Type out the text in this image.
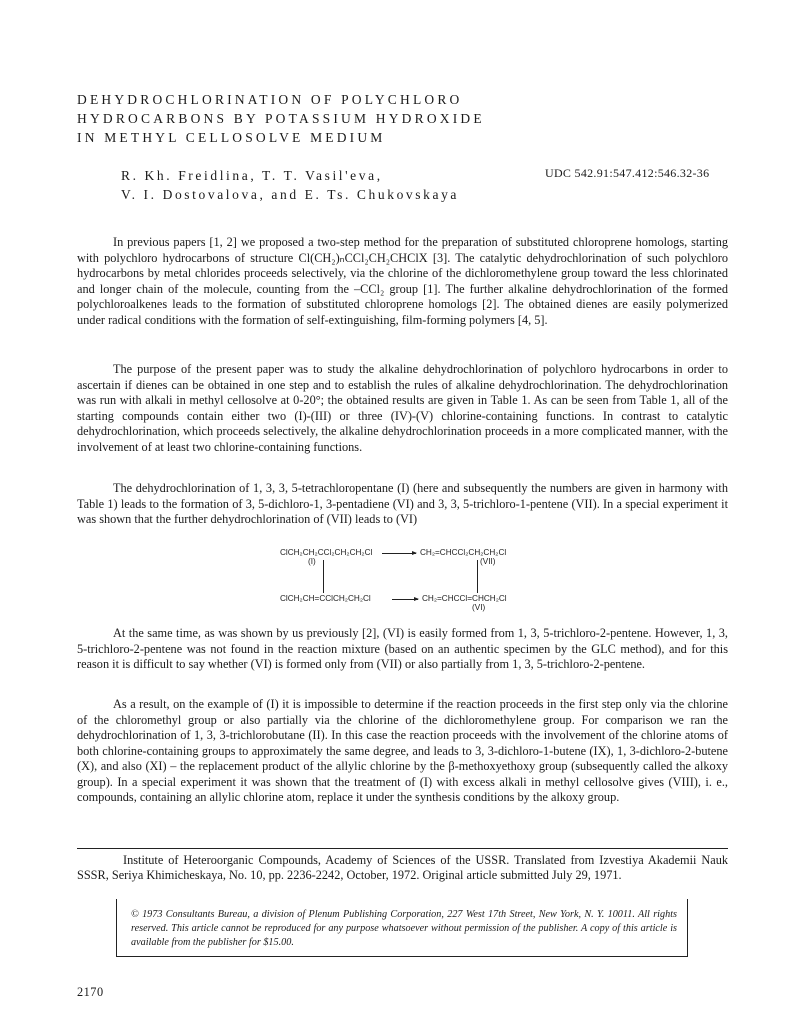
DEHYDROCHLORINATION OF POLYCHLORO
HYDROCARBONS BY POTASSIUM HYDROXIDE
IN METHYL CELLOSOLVE MEDIUM
R. Kh. Freidlina, T. T. Vasil'eva,
V. I. Dostovalova, and E. Ts. Chukovskaya
UDC 542.91:547.412:546.32-36

In previous papers [1, 2] we proposed a two-step method for the preparation of substituted chloroprene homologs, starting with polychloro hydrocarbons of structure Cl(CH₂)ₙCCl₂CH₂CHClX [3]. The catalytic dehydrochlorination of such polychloro hydrocarbons by metal chlorides proceeds selectively, via the chlorine of the dichloromethylene group toward the less chlorinated and longer chain of the molecule, counting from the –CCl₂ group [1]. The further alkaline dehydrochlorination of the formed polychloroalkenes leads to the formation of substituted chloroprene homologs [2]. The obtained dienes are easily polymerized under radical conditions with the formation of self-extinguishing, film-forming polymers [4, 5].

The purpose of the present paper was to study the alkaline dehydrochlorination of polychloro hydrocarbons in order to ascertain if dienes can be obtained in one step and to establish the rules of alkaline dehydrochlorination. The dehydrochlorination was run with alkali in methyl cellosolve at 0-20°; the obtained results are given in Table 1. As can be seen from Table 1, all of the starting compounds contain either two (I)-(III) or three (IV)-(V) chlorine-containing functions. In contrast to catalytic dehydrochlorination, which proceeds selectively, the alkaline dehydrochlorination proceeds in a more complicated manner, with the involvement of at least two chlorine-containing functions.

The dehydrochlorination of 1, 3, 3, 5-tetrachloropentane (I) (here and subsequently the numbers are given in harmony with Table 1) leads to the formation of 3, 5-dichloro-1, 3-pentadiene (VI) and 3, 3, 5-trichloro-1-pentene (VII). In a special experiment it was shown that the further dehydrochlorination of (VII) leads to (VI)

ClCH₂CH₂CCl₂CH₂CH₂Cl
(I)
CH₂=CHCCl₂CH₂CH₂Cl
(VII)
ClCH₂CH=CClCH₂CH₂Cl	CH₂=CHCCl=CHCH₂Cl
(VI)

At the same time, as was shown by us previously [2], (VI) is easily formed from 1, 3, 5-trichloro-2-pentene. However, 1, 3, 5-trichloro-2-pentene was not found in the reaction mixture (based on an authentic specimen by the GLC method), and for this reason it is difficult to say whether (VI) is formed only from (VII) or also partially from 1, 3, 5-trichloro-2-pentene.

As a result, on the example of (I) it is impossible to determine if the reaction proceeds in the first step only via the chlorine of the chloromethyl group or also partially via the chlorine of the dichloromethylene group. For comparison we ran the dehydrochlorination of 1, 3, 3-trichlorobutane (II). In this case the reaction proceeds with the involvement of the chlorine atoms of both chlorine-containing groups to approximately the same degree, and leads to 3, 3-dichloro-1-butene (IX), 1, 3-dichloro-2-butene (X), and also (XI) – the replacement product of the allylic chlorine by the β-methoxyethoxy group (subsequently called the alkoxy group). In a special experiment it was shown that the treatment of (I) with excess alkali in methyl cellosolve gives (VIII), i. e., compounds, containing an allylic chlorine atom, replace it under the synthesis conditions by the alkoxy group.

Institute of Heteroorganic Compounds, Academy of Sciences of the USSR. Translated from Izvestiya Akademii Nauk SSSR, Seriya Khimicheskaya, No. 10, pp. 2236-2242, October, 1972. Original article submitted July 29, 1971.

© 1973 Consultants Bureau, a division of Plenum Publishing Corporation, 227 West 17th Street, New York, N. Y. 10011. All rights reserved. This article cannot be reproduced for any purpose whatsoever without permission of the publisher. A copy of this article is available from the publisher for $15.00.
2170
